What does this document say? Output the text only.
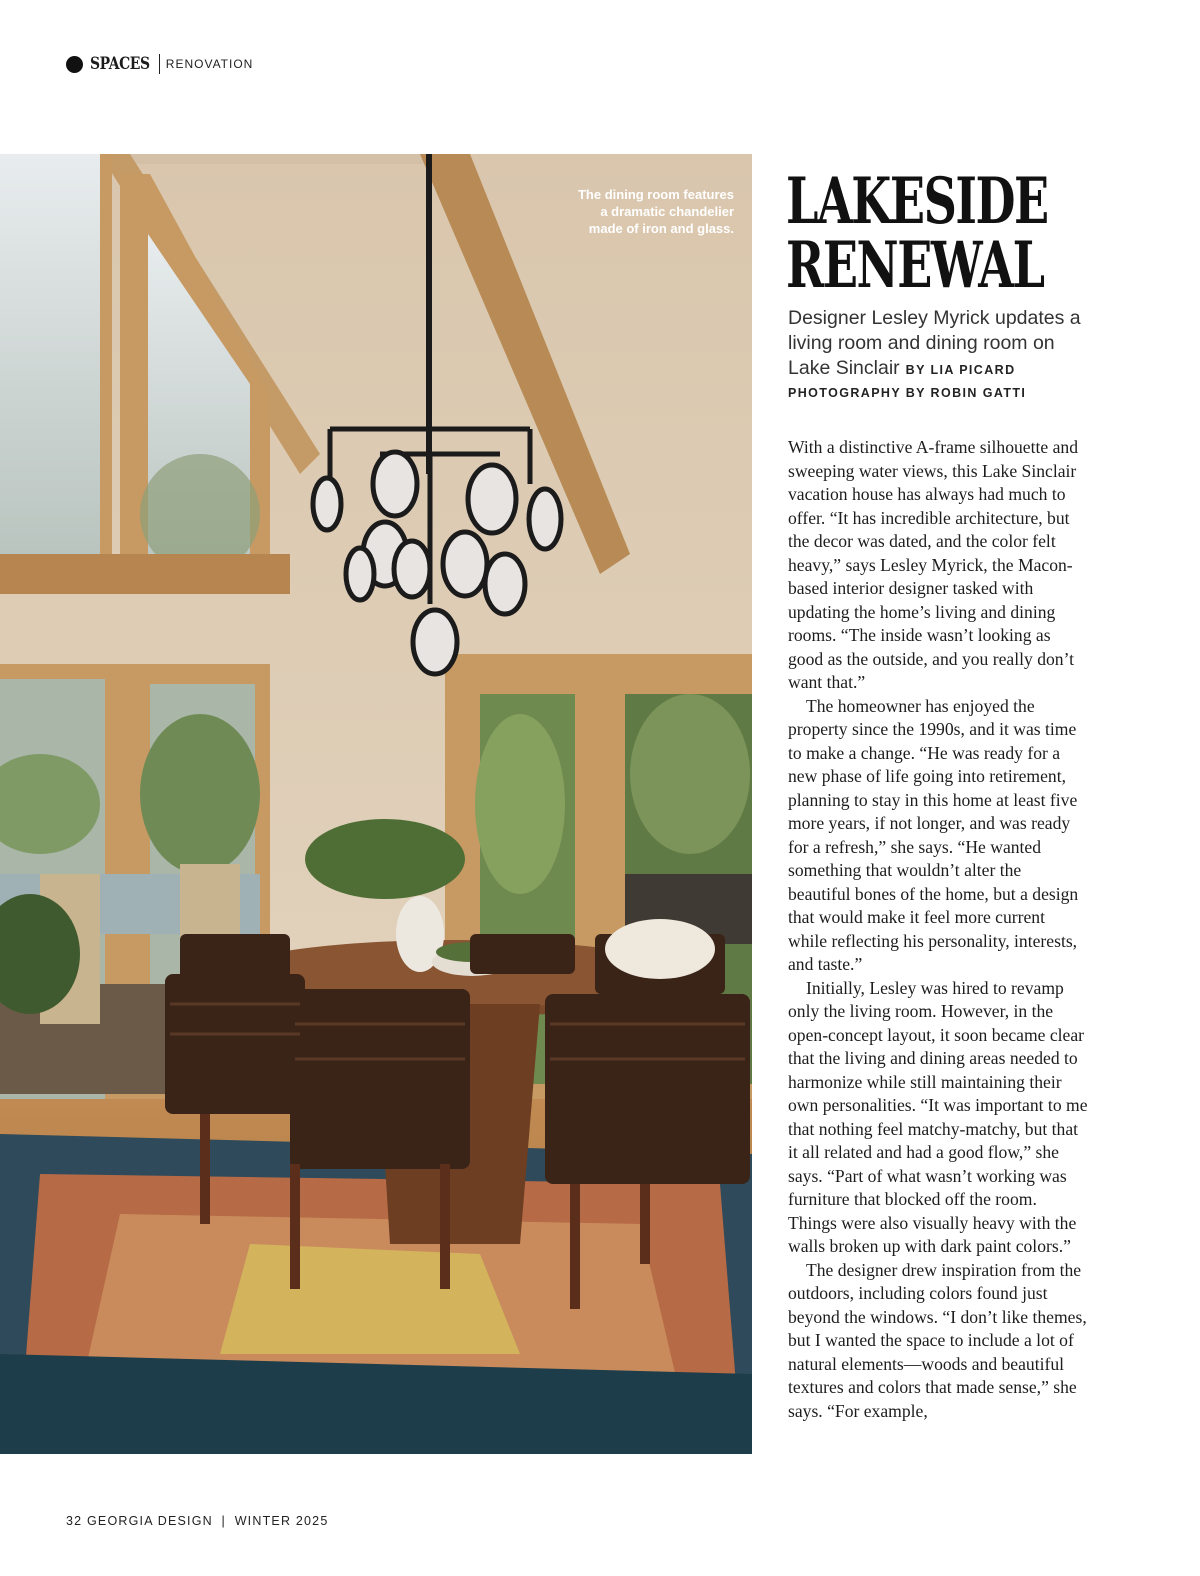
SPACES RENOVATION
The dining room features a dramatic chandelier made of iron and glass. LAKESIDE
RENEWAL
Designer Lesley Myrick updates a living room and dining room on Lake Sinclair BY LIA PICARD
PHOTOGRAPHY BY ROBIN GATTI

With a distinctive A-frame silhouette and sweeping water views, this Lake Sinclair vacation house has always had much to offer. “It has incredible architecture, but the decor was dated, and the color felt heavy,” says Lesley Myrick, the Macon-based interior designer tasked with updating the home’s living and dining rooms. “The inside wasn’t looking as good as the outside, and you really don’t want that.”

The homeowner has enjoyed the property since the 1990s, and it was time to make a change. “He was ready for a new phase of life going into retirement, planning to stay in this home at least five more years, if not longer, and was ready for a refresh,” she says. “He wanted something that wouldn’t alter the beautiful bones of the home, but a design that would make it feel more current while reflecting his personality, interests, and taste.”

Initially, Lesley was hired to revamp only the living room. However, in the open-concept layout, it soon became clear that the living and dining areas needed to harmonize while still maintaining their own personalities. “It was important to me that nothing feel matchy-matchy, but that it all related and had a good flow,” she says. “Part of what wasn’t working was furniture that blocked off the room. Things were also visually heavy with the walls broken up with dark paint colors.”

The designer drew inspiration from the outdoors, including colors found just beyond the windows. “I don’t like themes, but I wanted the space to include a lot of natural elements—woods and beautiful textures and colors that made sense,” she says. “For example,

32 GEORGIA DESIGN | WINTER 2025
